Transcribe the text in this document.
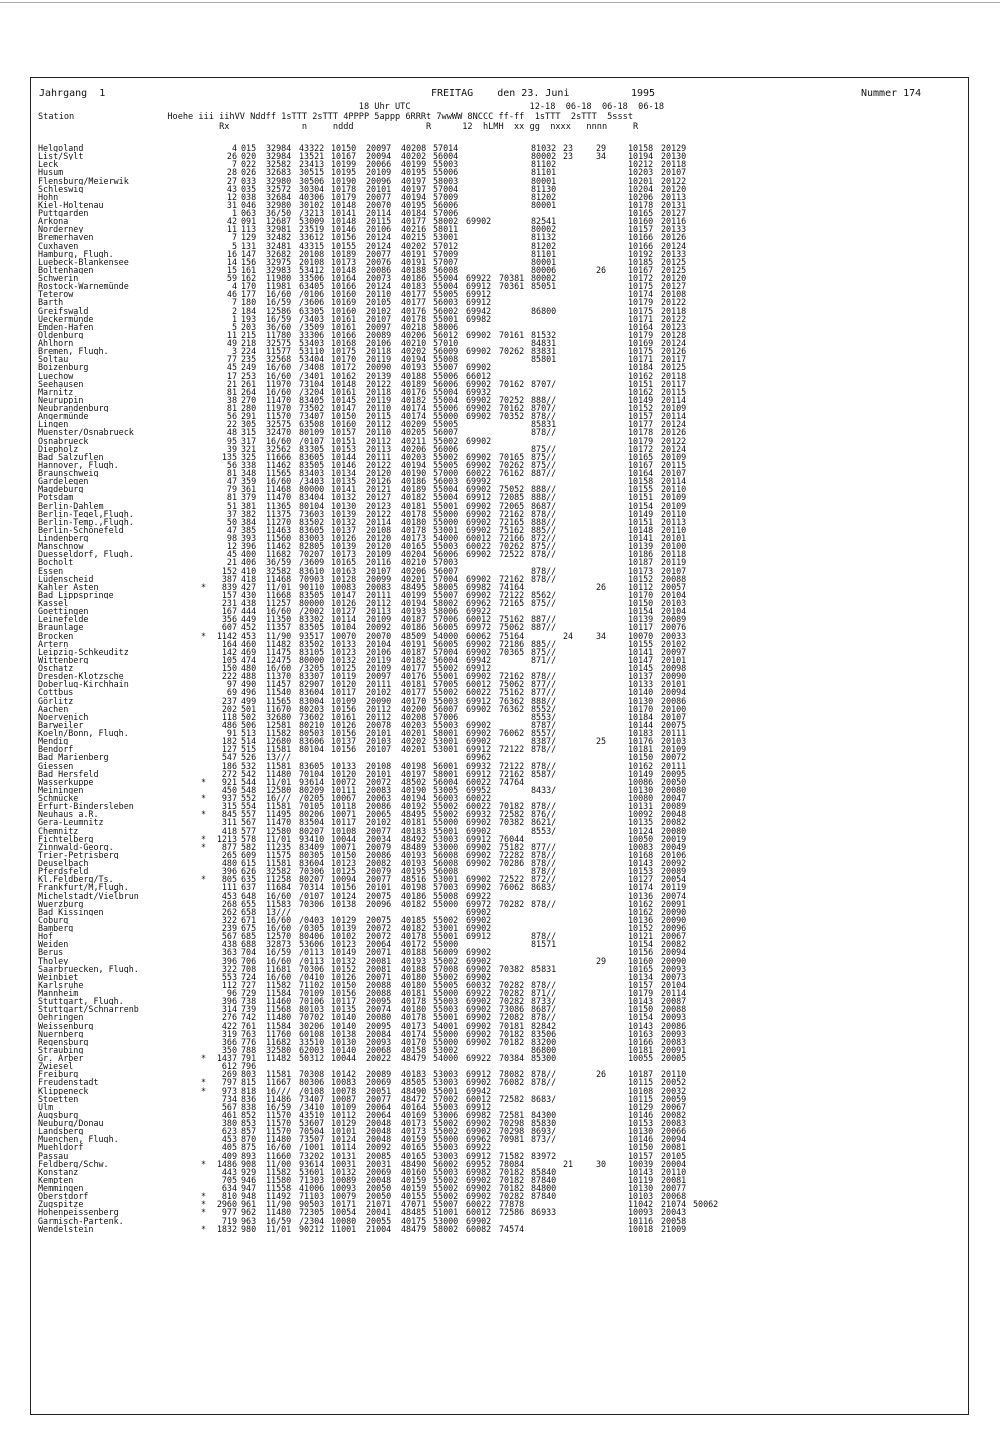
Jahrgang  1	FREITAG    den 23. Juni	1995	Nummer 174
18 Uhr UTC                       12-18  06-18  06-18  06-18
Station                  Hoehe iii iihVV Nddff 1sTTT 2sTTT 4PPPP 5appp 6RRRt 7wwWW 8NCCC ff-ff  1sTTT  2sTTT  5ssst
Rx              n     nddd              R      12  hLMH  xx gg  nxxx   nnnn     R
Helgoland	4 015 32984 43322 10150 20097 40208 57014	81032 23	29	10158 20129
List/Sylt	26 020 32984 13521 10167 20094 40202 56004	80002 23	34	10194 20130
Leck	7 022 32582 23413 10199 20066 40199 55003	81102	10212 20118
Husum	28 026 32683 30515 10195 20109 40195 55006	81101	10203 20107
Flensburg/Meierwik	27 033 32980 30506 10190 20096 40197 58003	80001	10201 20122
Schleswig	43 035 32572 30304 10178 20101 40197 57004	81130	10204 20120
Hohn	12 038 32684 40306 10179 20077 40194 57009	81202	10206 20113
Kiel-Holtenau	31 046 32980 30102 10148 20070 40195 56006	80001	10178 20131
Puttgarden	1 063 36/50 /3213 10141 20114 40184 57006	10165 20127
Arkona	42 091 12687 53009 10148 20115 40177 58002 69902	82541	10160 20116
Norderney	11 113 32981 23519 10146 20106 40216 58011	80002	10157 20133
Bremerhaven	7 129 32482 33612 10156 20124 40215 53001	81132	10166 20126
Cuxhaven	5 131 32481 43315 10155 20124 40202 57012	81202	10166 20124
Hamburg, Flugh.	16 147 32682 20108 10189 20077 40191 57009	81101	10192 20133
Luebeck-Blankensee	14 156 32975 20108 10173 20076 40191 57007	80001	10185 20125
Boltenhagen	15 161 32983 53412 10148 20086 40188 56008	80006	26	10167 20125
Schwerin	59 162 11980 33506 10164 20073 40186 55004 69922 70381 80002	10172 20120
Rostock-Warnemünde	4 170 11981 63405 10166 20124 40183 55004 69912 70361 85051	10175 20127
Teterow	46 177 16/60 /0106 10160 20110 40177 55005 69912	10174 20108
Barth	7 180 16/59 /3606 10169 20105 40177 56003 69912	10179 20122
Greifswald	2 184 12586 63305 10160 20102 40176 56002 69942	86800	10175 20118
Ueckermünde	1 193 16/59 /3403 10161 20107 40178 55001 69982	10171 20122
Emden-Hafen	5 203 36/60 /3509 10161 20097 40218 58006	10164 20123
Oldenburg	11 215 11780 33306 10166 20089 40206 56012 69902 70161 81532	10179 20128
Ahlhorn	49 218 32575 53403 10168 20106 40210 57010	84831	10169 20124
Bremen, Flugh.	3 224 11577 53110 10175 20118 40202 56009 69902 70262 83831	10175 20126
Soltau	77 235 32568 53404 10170 20119 40194 55008	85801	10171 20117
Boizenburg	45 249 16/60 /3408 10172 20090 40193 55007 69902	10184 20125
Luechow	17 253 16/60 /3401 10162 20139 40188 55006 66012	10162 20118
Seehausen	21 261 11970 73104 10148 20122 40189 56006 69902 70162 8707/	10151 20117
Marnitz	81 264 16/60 /3204 10161 20118 40176 55004 69932	10162 20115
Neuruppin	38 270 11470 83405 10145 20119 40182 55004 69902 70252 888//	10149 20114
Neubrandenburg	81 280 11970 73502 10147 20110 40174 55006 69902 70162 8707/	10152 20109
Angermünde	56 291 11570 73407 10150 20115 40174 55000 69902 70352 878//	10157 20114
Lingen	22 305 32575 63508 10160 20112 40209 55005	85831	10177 20124
Muenster/Osnabrueck	48 315 32470 80109 10157 20110 40205 56007	878//	10178 20126
Osnabrueck	95 317 16/60 /0107 10151 20112 40211 55002 69902	10179 20122
Diepholz	39 321 32562 83305 10153 20113 40206 56006	875//	10172 20124
Bad Salzuflen	135 325 11666 83605 10144 20111 40203 55002 69902 70165 875//	10165 20109
Hannover, Flugh.	56 338 11462 83505 10146 20122 40194 55005 69902 70262 875//	10167 20115
Braunschweig	81 348 11565 83403 10134 20120 40190 57000 60022 76162 887//	10164 20107
Gardelegen	47 359 16/60 /3403 10135 20126 40186 56003 69992	10158 20114
Magdeburg	79 361 11468 80000 10141 20121 40189 55004 69902 75052 888//	10155 20110
Potsdam	81 379 11470 83404 10132 20127 40182 55004 69912 72085 888//	10151 20109
Berlin-Dahlem	51 381 11365 80104 10130 20123 40181 55001 69902 72065 8687/	10154 20109
Berlin-Tegel,Flugh.	37 382 11375 73603 10139 20122 40178 55000 69902 72162 878//	10149 20110
Berlin-Temp.,Flugh.	50 384 11270 83502 10132 20114 40180 55000 69902 72165 888//	10151 20113
Berlin-Schönefeld	47 385 11463 83605 10137 20108 40178 53001 69902 75162 885//	10148 20110
Lindenberg	98 393 11560 83003 10126 20120 40173 54000 60012 72166 872//	10141 20101
Manschnow	12 396 11462 82805 10139 20120 40165 55003 60022 70262 875//	10139 20100
Duesseldorf, Flugh.	45 400 11682 70207 10173 20109 40204 56006 69902 72522 878//	10186 20118
Bocholt	21 406 36/59 /3609 10165 20116 40210 57003	10187 20119
Essen	152 410 32582 83610 10163 20107 40206 56007	878//	10173 20107
Lüdenscheid	387 418 11468 70903 10128 20099 40201 57004 69902 72162 878//	10152 20088
Kahler Asten	*	839 427 11/01 90110 10083 20083 48495 58005 69982 74164	26	10112 20057
Bad Lippspringe	157 430 11668 83505 10147 20111 40199 55007 69902 72122 8562/	10170 20104
Kassel	231 438 11257 80000 10126 20112 40194 58002 69962 72165 875//	10150 20103
Goettingen	167 444 16/60 /2002 10127 20113 40193 58006 69922	10154 20104
Leinefelde	356 449 11350 83302 10114 20109 40187 57006 60012 75162 887//	10139 20089
Braunlage	607 452 11357 83505 10104 20092 40186 56005 69972 75062 887//	10117 20076
Brocken	*	1142 453 11/90 93517 10070 20070 48509 54000 60062 75164	24	34	10070 20033
Artern	164 460 11482 83502 10133 20104 40191 56005 69902 72186 885//	10155 20102
Leipzig-Schkeuditz	142 469 11475 83105 10123 20106 40187 57004 69902 70365 875//	10141 20097
Wittenberg	105 474 12475 80000 10132 20119 40182 56004 69942	871//	10147 20101
Oschatz	150 480 16/60 /3205 10125 20109 40177 55002 69912	10145 20098
Dresden-Klotzsche	222 488 11370 83307 10119 20097 40176 55001 69902 72162 878//	10137 20090
Doberlug-Kirchhain	97 490 11457 82907 10120 20111 40181 57005 60012 75062 877//	10133 20101
Cottbus	69 496 11540 83604 10117 20102 40177 55002 60022 75162 877//	10140 20094
Görlitz	237 499 11565 83004 10109 20090 40170 55003 69912 76362 888//	10130 20086
Aachen	202 501 11670 80203 10156 20112 40200 56007 69902 76362 8552/	10170 20100
Noervenich	118 502 32680 73602 10161 20112 40208 57006	8553/	10184 20107
Barweiler	486 506 12581 80210 10126 20078 40203 55003 69902	8787/	10144 20075
Koeln/Bonn, Flugh.	91 513 11582 80503 10156 20101 40201 58001 69902 76062 8557/	10183 20111
Mendig	182 514 12680 83606 10137 20103 40202 53001 69902	8387/	25	10176 20103
Bendorf	127 515 11581 80104 10156 20107 40201 53001 69912 72122 878//	10181 20109
Bad Marienberg	547 526 13///	69962	10150 20072
Giessen	186 532 11581 83605 10133 20108 40198 56001 69932 72122 878//	10162 20111
Bad Hersfeld	272 542 11480 70104 10120 20101 40197 58001 69912 72162 8587/	10149 20095
Wasserkuppe	*	921 544 11/01 93614 10072 20072 48502 56004 60022 74764	10086 20050
Meiningen	450 548 12580 80209 10111 20083 40190 53005 69952	8433/	10130 20080
Schmücke	*	937 552 16/// /0205 10067 20063 40194 56003 60022	10080 20047
Erfurt-Bindersleben	315 554 11581 70105 10118 20086 40192 55002 60022 70182 878//	10131 20089
Neuhaus a.R.	*	845 557 11495 80206 10071 20065 48495 55002 69932 72582 876//	10092 20048
Gera-Leumnitz	311 567 11470 83504 10117 20102 40181 55000 69902 70382 8621/	10135 20082
Chemnitz	418 577 12580 80207 10108 20077 40183 55001 69902	8553/	10124 20080
Fichtelberg	*	1213 578 11/01 93410 10044 20034 48492 53003 69912 76044	10050 20019
Zinnwald-Georg.	*	877 582 11235 83409 10071 20079 48489 53000 69902 75182 877//	10083 20049
Trier-Petrisberg	265 609 11575 80305 10150 20086 40193 56008 69902 72282 878//	10168 20106
Deuselbach	480 615 11581 83604 10123 20082 40193 56008 69902 70286 878//	10143 20092
Pferdsfeld	396 626 32582 70306 10125 20079 40195 56008	878//	10153 20089
Kl.Feldberg/Ts.	*	805 635 11258 80207 10094 20077 48516 53001 69902 72522 872//	10127 20054
Frankfurt/M,Flugh.	111 637 11684 70314 10156 20101 40198 57003 69902 76062 8683/	10174 20119
Michelstadt/Vielbrun	453 648 16/60 /0107 10124 20075 40186 55008 69922	10136 20074
Wuerzburg	268 655 11583 70306 10138 20096 40182 55000 69972 70282 878//	10162 20091
Bad Kissingen	262 658 13///	69902	10162 20090
Coburg	322 671 16/60 /0403 10129 20075 40185 55002 69902	10136 20090
Bamberg	239 675 16/60 /0305 10139 20072 40182 53001 69902	10152 20096
Hof	567 685 12570 80406 10102 20072 40178 55001 69912	878//	10121 20067
Weiden	438 688 32873 53606 10123 20064 40172 55000	81571	10154 20082
Berus	363 704 16/59 /0113 10149 20071 40188 56009 69902	10156 20094
Tholey	396 706 16/60 /0113 10132 20081 40193 55002 69902	29	10160 20090
Saarbruecken, Flugh.	322 708 11681 70306 10152 20081 40188 57008 69902 70382 85831	10165 20093
Weinbiet	553 724 16/60 /0410 10126 20071 40180 55002 69902	10134 20073
Karlsruhe	112 727 11582 71102 10150 20088 40180 55005 60032 70282 878//	10157 20104
Mannheim	96 729 11584 70109 10156 20088 40181 55000 69922 70282 871//	10179 20114
Stuttgart, Flugh.	396 738 11460 70106 10117 20095 40178 55003 69902 70282 8733/	10143 20087
Stuttgart/Schnarrenb	314 739 11568 80103 10135 20074 40180 55003 69902 73086 8687/	10150 20088
Oehringen	276 742 11480 70702 10140 20080 40178 55001 69902 72082 878//	10154 20093
Weissenburg	422 761 11584 30206 10140 20095 40173 54001 69902 70181 82842	10143 20086
Nuernberg	319 763 11760 60108 10138 20084 40174 55000 69902 70182 83506	10163 20093
Regensburg	366 776 11682 33510 10130 20093 40170 55000 69902 70182 83200	10166 20083
Straubing	350 788 32580 62003 10140 20068 40158 53002	86800	10181 20091
Gr. Arber	*	1437 791 11482 50312 10044 20022 48479 54000 69922 70384 85300	10055 20005
Zwiesel	612 796
Freiburg	269 803 11581 70308 10142 20089 40183 53003 69912 78082 878//	26	10187 20110
Freudenstadt	*	797 815 11667 80306 10083 20069 48505 53003 69902 76082 878//	10115 20052
Klippeneck	*	973 818 16/// /0108 10078 20051 48490 55001 69942	10108 20032
Stoetten	734 836 11486 73407 10087 20077 48472 57002 60012 72582 8683/	10115 20059
Ulm	567 838 16/59 /3410 10109 20064 40164 55003 69912	10129 20067
Augsburg	461 852 11570 43510 10112 20064 40169 53006 69982 72581 84300	10146 20082
Neuburg/Donau	380 853 11570 53607 10129 20048 40173 55002 69902 70298 85830	10153 20083
Landsberg	623 857 11570 70504 10101 20048 40173 55002 69902 70298 8693/	10130 20066
Muenchen, Flugh.	453 870 11480 73507 10124 20048 40159 55000 69962 70981 873//	10146 20094
Muehldorf	405 875 16/60 /1001 10114 20092 40165 55003 69922	10150 20081
Passau	409 893 11660 73202 10131 20085 40165 53003 69912 71582 83972	10157 20105
Feldberg/Schw.	*	1486 908 11/00 93614 10031 20031 48490 56002 69952 78084	21	30	10039 20004
Konstanz	443 929 11582 53601 10132 20069 40160 55003 69982 70182 85840	10143 20110
Kempten	705 946 11580 71303 10089 20048 40159 55002 69902 70182 87840	10119 20081
Memmingen	634 947 11558 41006 10093 20050 40159 55002 69902 70182 84800	10130 20077
Oberstdorf	*	810 948 11492 71103 10079 20050 40155 55002 69902 70282 87840	10103 20068
Zugspitze	*	2960 961 11/90 90503 10171 21071 47071 55007 60022 77878	11042 21074 50062
Hohenpeissenberg	*	977 962 11480 72305 10054 20041 48485 51001 60012 72586 86933	10093 20043
Garmisch-Partenk.	719 963 16/59 /2304 10080 20055 40175 53000 69902	10116 20058
Wendelstein	*	1832 980 11/01 90212 11001 21004 48479 58002 60082 74574	10018 21009
